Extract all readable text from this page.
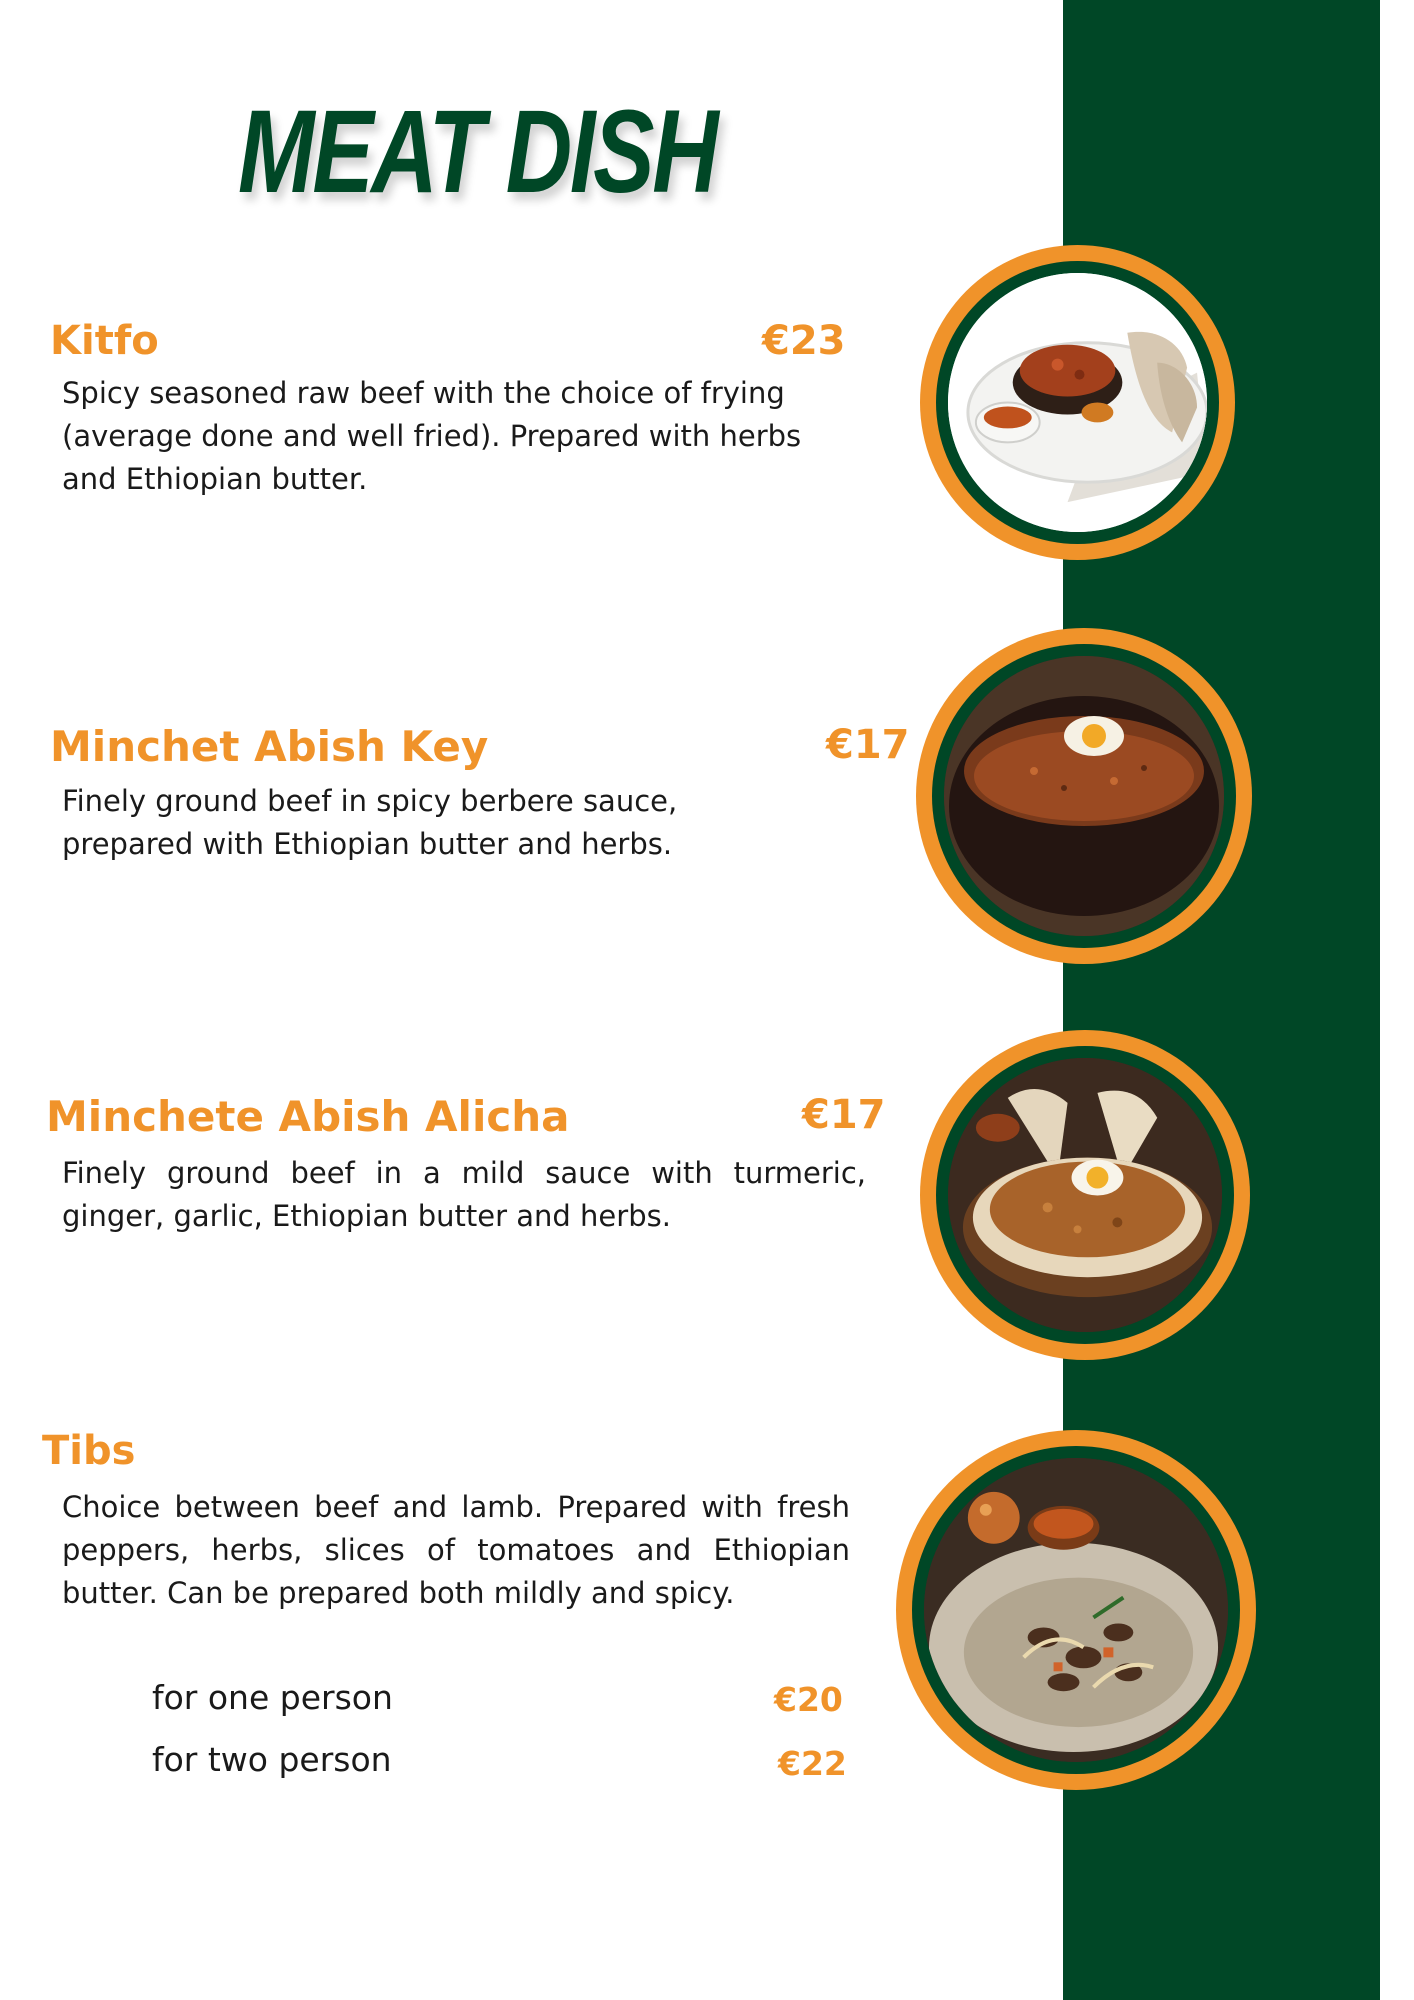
MEAT DISH
Kitfo	€23
Spicy seasoned raw beef with the choice of frying (average done and well fried). Prepared with herbs and Ethiopian butter.
Minchet Abish Key	€17
Finely ground beef in spicy berbere sauce, prepared with Ethiopian butter and herbs.
Minchete Abish Alicha	€17
Finely ground beef in a mild sauce with turmeric, ginger, garlic, Ethiopian butter and herbs.
Tibs
Choice between beef and lamb. Prepared with fresh peppers, herbs, slices of tomatoes and Ethiopian butter. Can be prepared both mildly and spicy.
for one person	€20
for two person	€22
